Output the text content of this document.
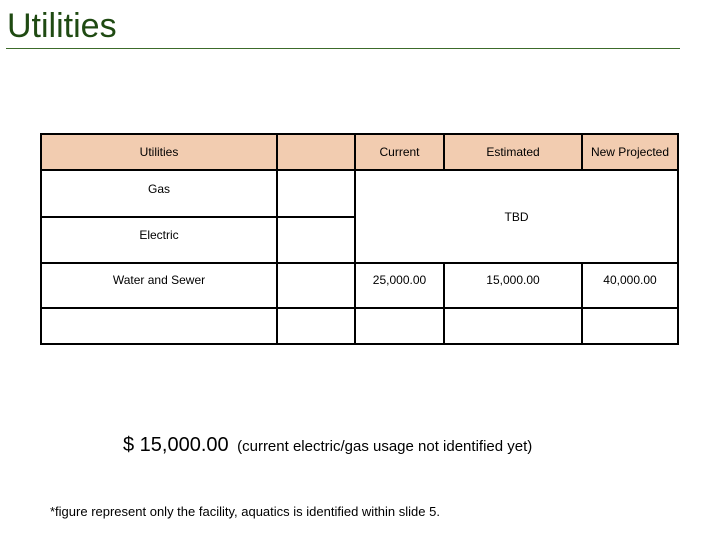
Utilities
Utilities		Current	Estimated	New Projected
Gas		TBD		
Electric				
Water and Sewer		25,000.00	15,000.00	40,000.00

$ 15,000.00 (current electric/gas usage not identified yet)
*figure represent only the facility, aquatics is identified within slide 5.
